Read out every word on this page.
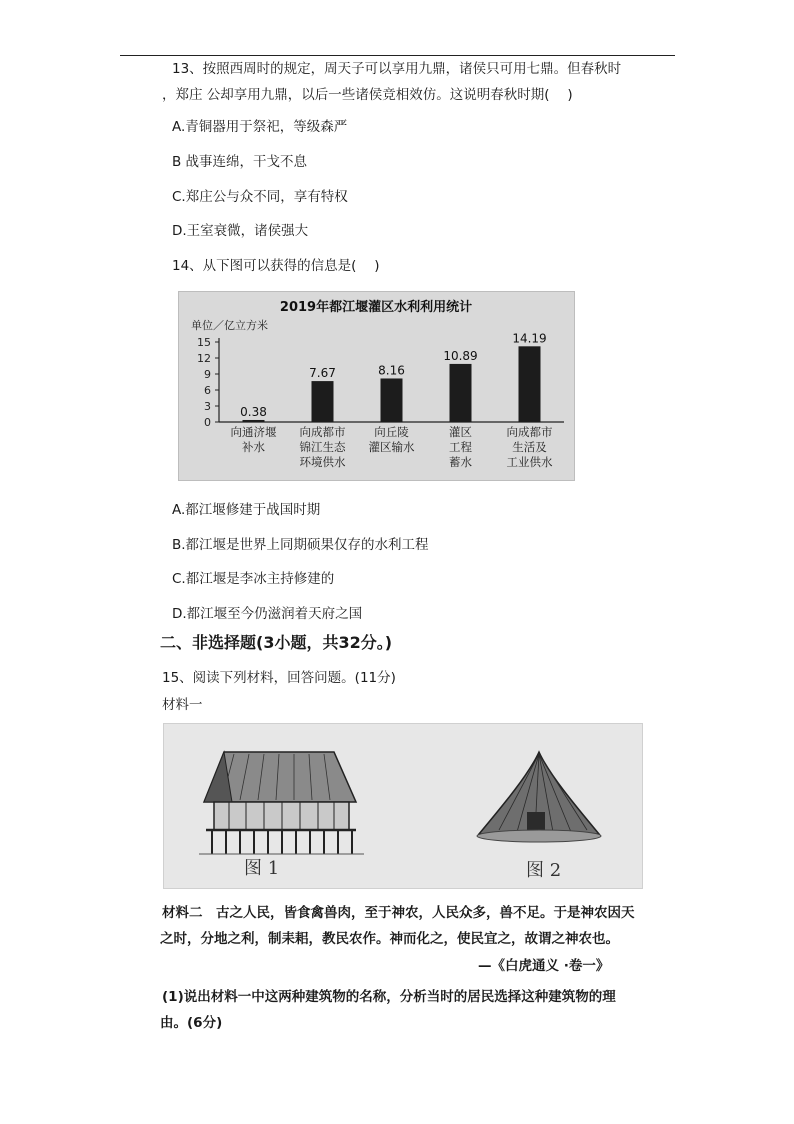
13、按照西周时的规定，周天子可以享用九鼎，诸侯只可用七鼎。但春秋时
，郑庄 公却享用九鼎，以后一些诸侯竞相效仿。这说明春秋时期(　 )
A.青铜器用于祭祀，等级森严
B 战事连绵，干戈不息
C.郑庄公与众不同，享有特权
D.王室衰微，诸侯强大
14、从下图可以获得的信息是(　 )
2019年都江堰灌区水利利用统计
单位／亿立方米
0
3
6
9
12
15
0.38
向通济堰
补水
7.67
向成都市
锦江生态
环境供水
8.16
向丘陵
灌区输水
10.89
灌区
工程
蓄水
14.19
向成都市
生活及
工业供水
A.都江堰修建于战国时期
B.都江堰是世界上同期硕果仅存的水利工程
C.都江堰是李冰主持修建的
D.都江堰至今仍滋润着天府之国
二、非选择题(3小题，共32分。)
15、阅读下列材料，回答问题。(11分)
材料一
图 1	图 2
材料二　古之人民，皆食禽兽肉，至于神农，人民众多，兽不足。于是神农因天
之时，分地之利，制耒耜，教民农作。神而化之，使民宜之，故谓之神农也。
—《白虎通义 ·卷一》
(1)说出材料一中这两种建筑物的名称，分析当时的居民选择这种建筑物的理
由。(6分)
